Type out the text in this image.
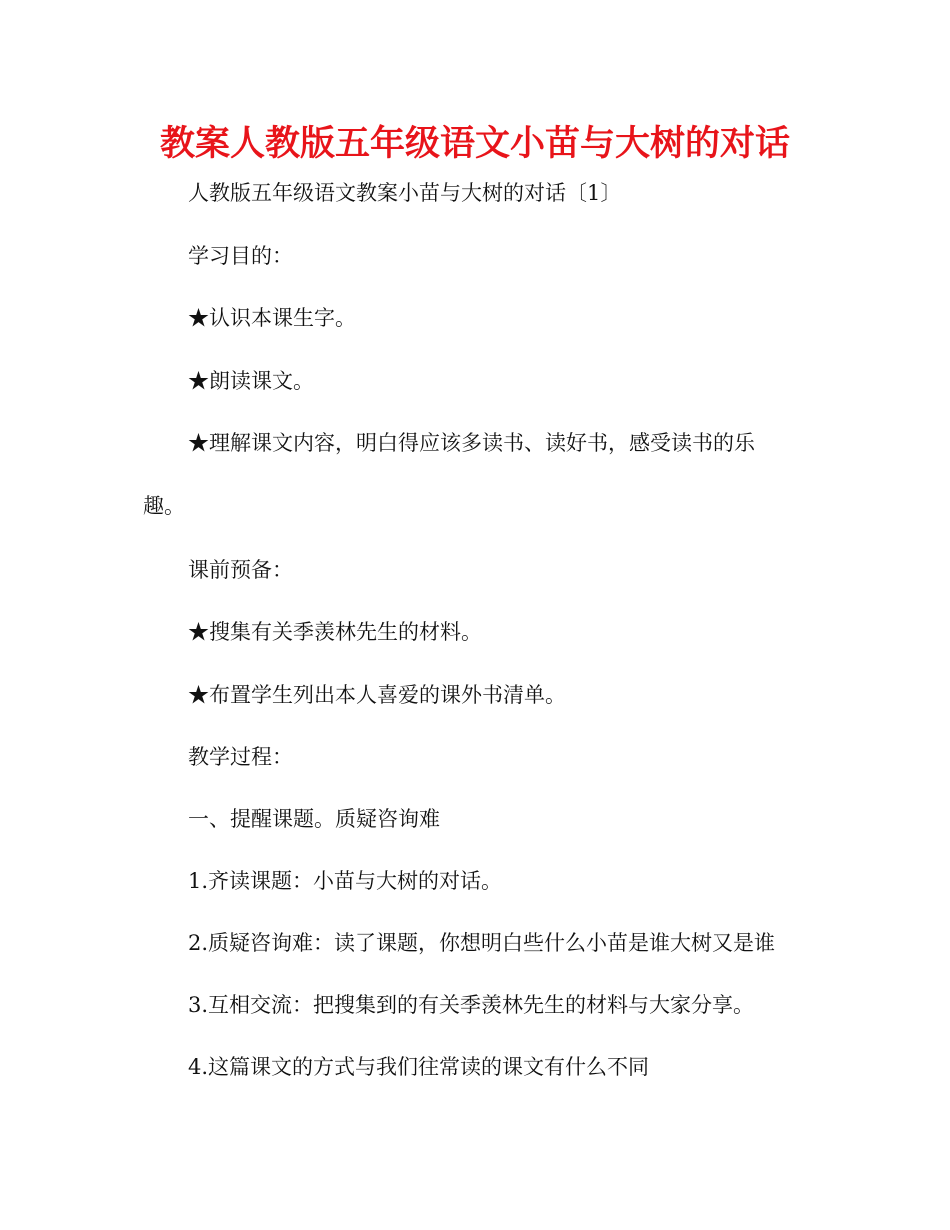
教案人教版五年级语文小苗与大树的对话
人教版五年级语文教案小苗与大树的对话〔1〕
学习目的：
★认识本课生字。
★朗读课文。
★理解课文内容，明白得应该多读书、读好书，感受读书的乐
趣。
课前预备：
★搜集有关季羡林先生的材料。
★布置学生列出本人喜爱的课外书清单。
教学过程：
一、提醒课题。质疑咨询难
1.齐读课题：小苗与大树的对话。
2.质疑咨询难：读了课题，你想明白些什么小苗是谁大树又是谁
3.互相交流：把搜集到的有关季羡林先生的材料与大家分享。
4.这篇课文的方式与我们往常读的课文有什么不同
